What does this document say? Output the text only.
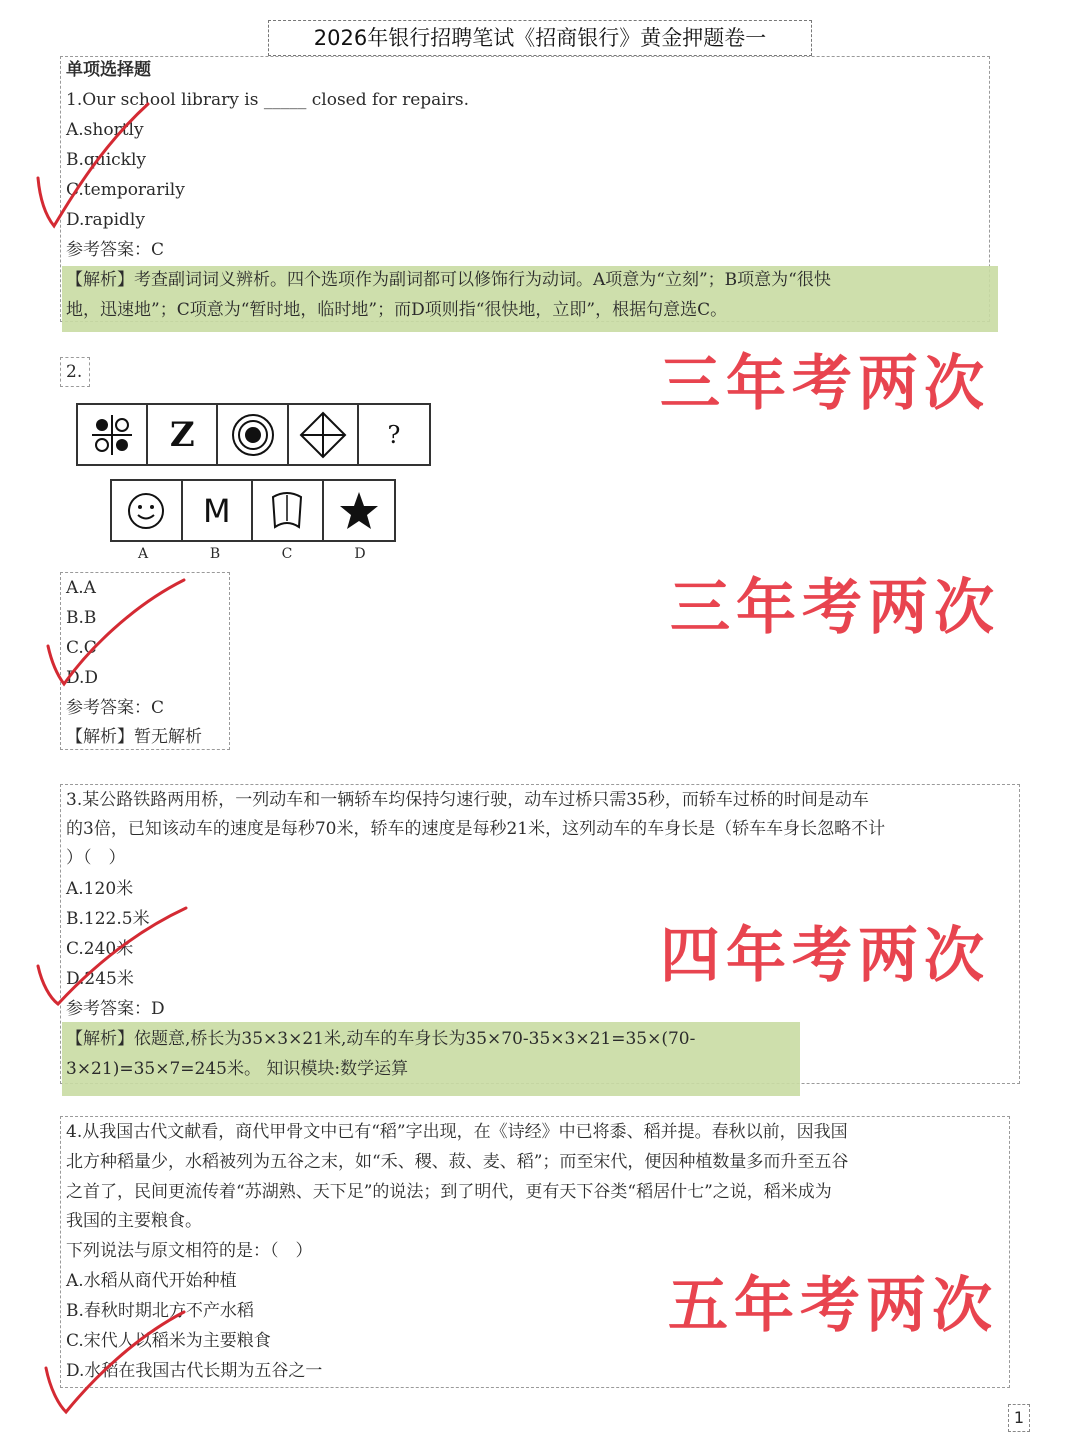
2026年银行招聘笔试《招商银行》黄金押题卷一
单项选择题
1.Our school library is _____ closed for repairs.
A.shortly
B.quickly
C.temporarily
D.rapidly
参考答案：C
【解析】考查副词词义辨析。四个选项作为副词都可以修饰行为动词。A项意为“立刻”；B项意为“很快
地，迅速地”；C项意为“暂时地，临时地”；而D项则指“很快地，立即”，根据句意选C。
2.
Z	?
M
A	B	C	D
A.A
B.B
C.C
D.D
参考答案：C
【解析】暂无解析
3.某公路铁路两用桥，一列动车和一辆轿车均保持匀速行驶，动车过桥只需35秒，而轿车过桥的时间是动车
的3倍，已知该动车的速度是每秒70米，轿车的速度是每秒21米，这列动车的车身长是（轿车车身长忽略不计
）（　）
A.120米
B.122.5米
C.240米
D.245米
参考答案：D
【解析】依题意,桥长为35×3×21米,动车的车身长为35×70-35×3×21=35×(70-
3×21)=35×7=245米。 知识模块:数学运算
4.从我国古代文献看，商代甲骨文中已有“稻”字出现，在《诗经》中已将黍、稻并提。春秋以前，因我国
北方种稻量少，水稻被列为五谷之末，如“禾、稷、菽、麦、稻”；而至宋代，便因种植数量多而升至五谷
之首了，民间更流传着“苏湖熟、天下足”的说法；到了明代，更有天下谷类“稻居什七”之说，稻米成为
我国的主要粮食。
下列说法与原文相符的是：（　）
A.水稻从商代开始种植
B.春秋时期北方不产水稻
C.宋代人以稻米为主要粮食
D.水稻在我国古代长期为五谷之一
三年考两次
三年考两次
四年考两次
五年考两次
1
